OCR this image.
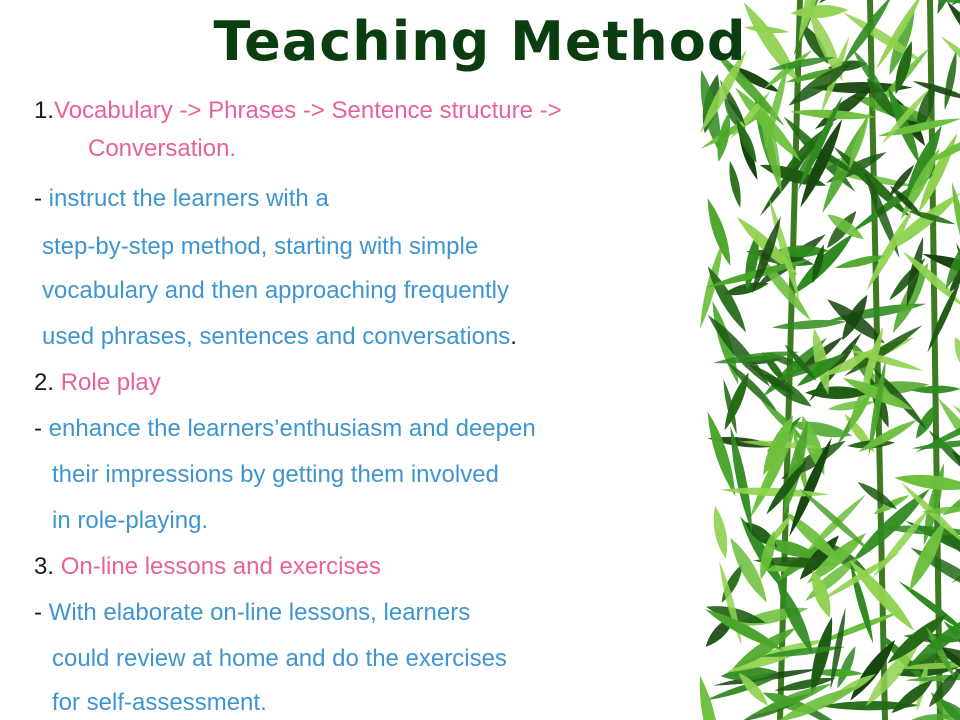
Teaching Method
1.Vocabulary -> Phrases -> Sentence structure ->
Conversation.
- instruct the learners with a
step-by-step method, starting with simple
vocabulary and then approaching frequently
used phrases, sentences and conversations.
2. Role play
- enhance the learners’enthusiasm and deepen
their impressions by getting them involved
in role-playing.
3. On-line lessons and exercises
- With elaborate on-line lessons, learners
could review at home and do the exercises
for self-assessment.
